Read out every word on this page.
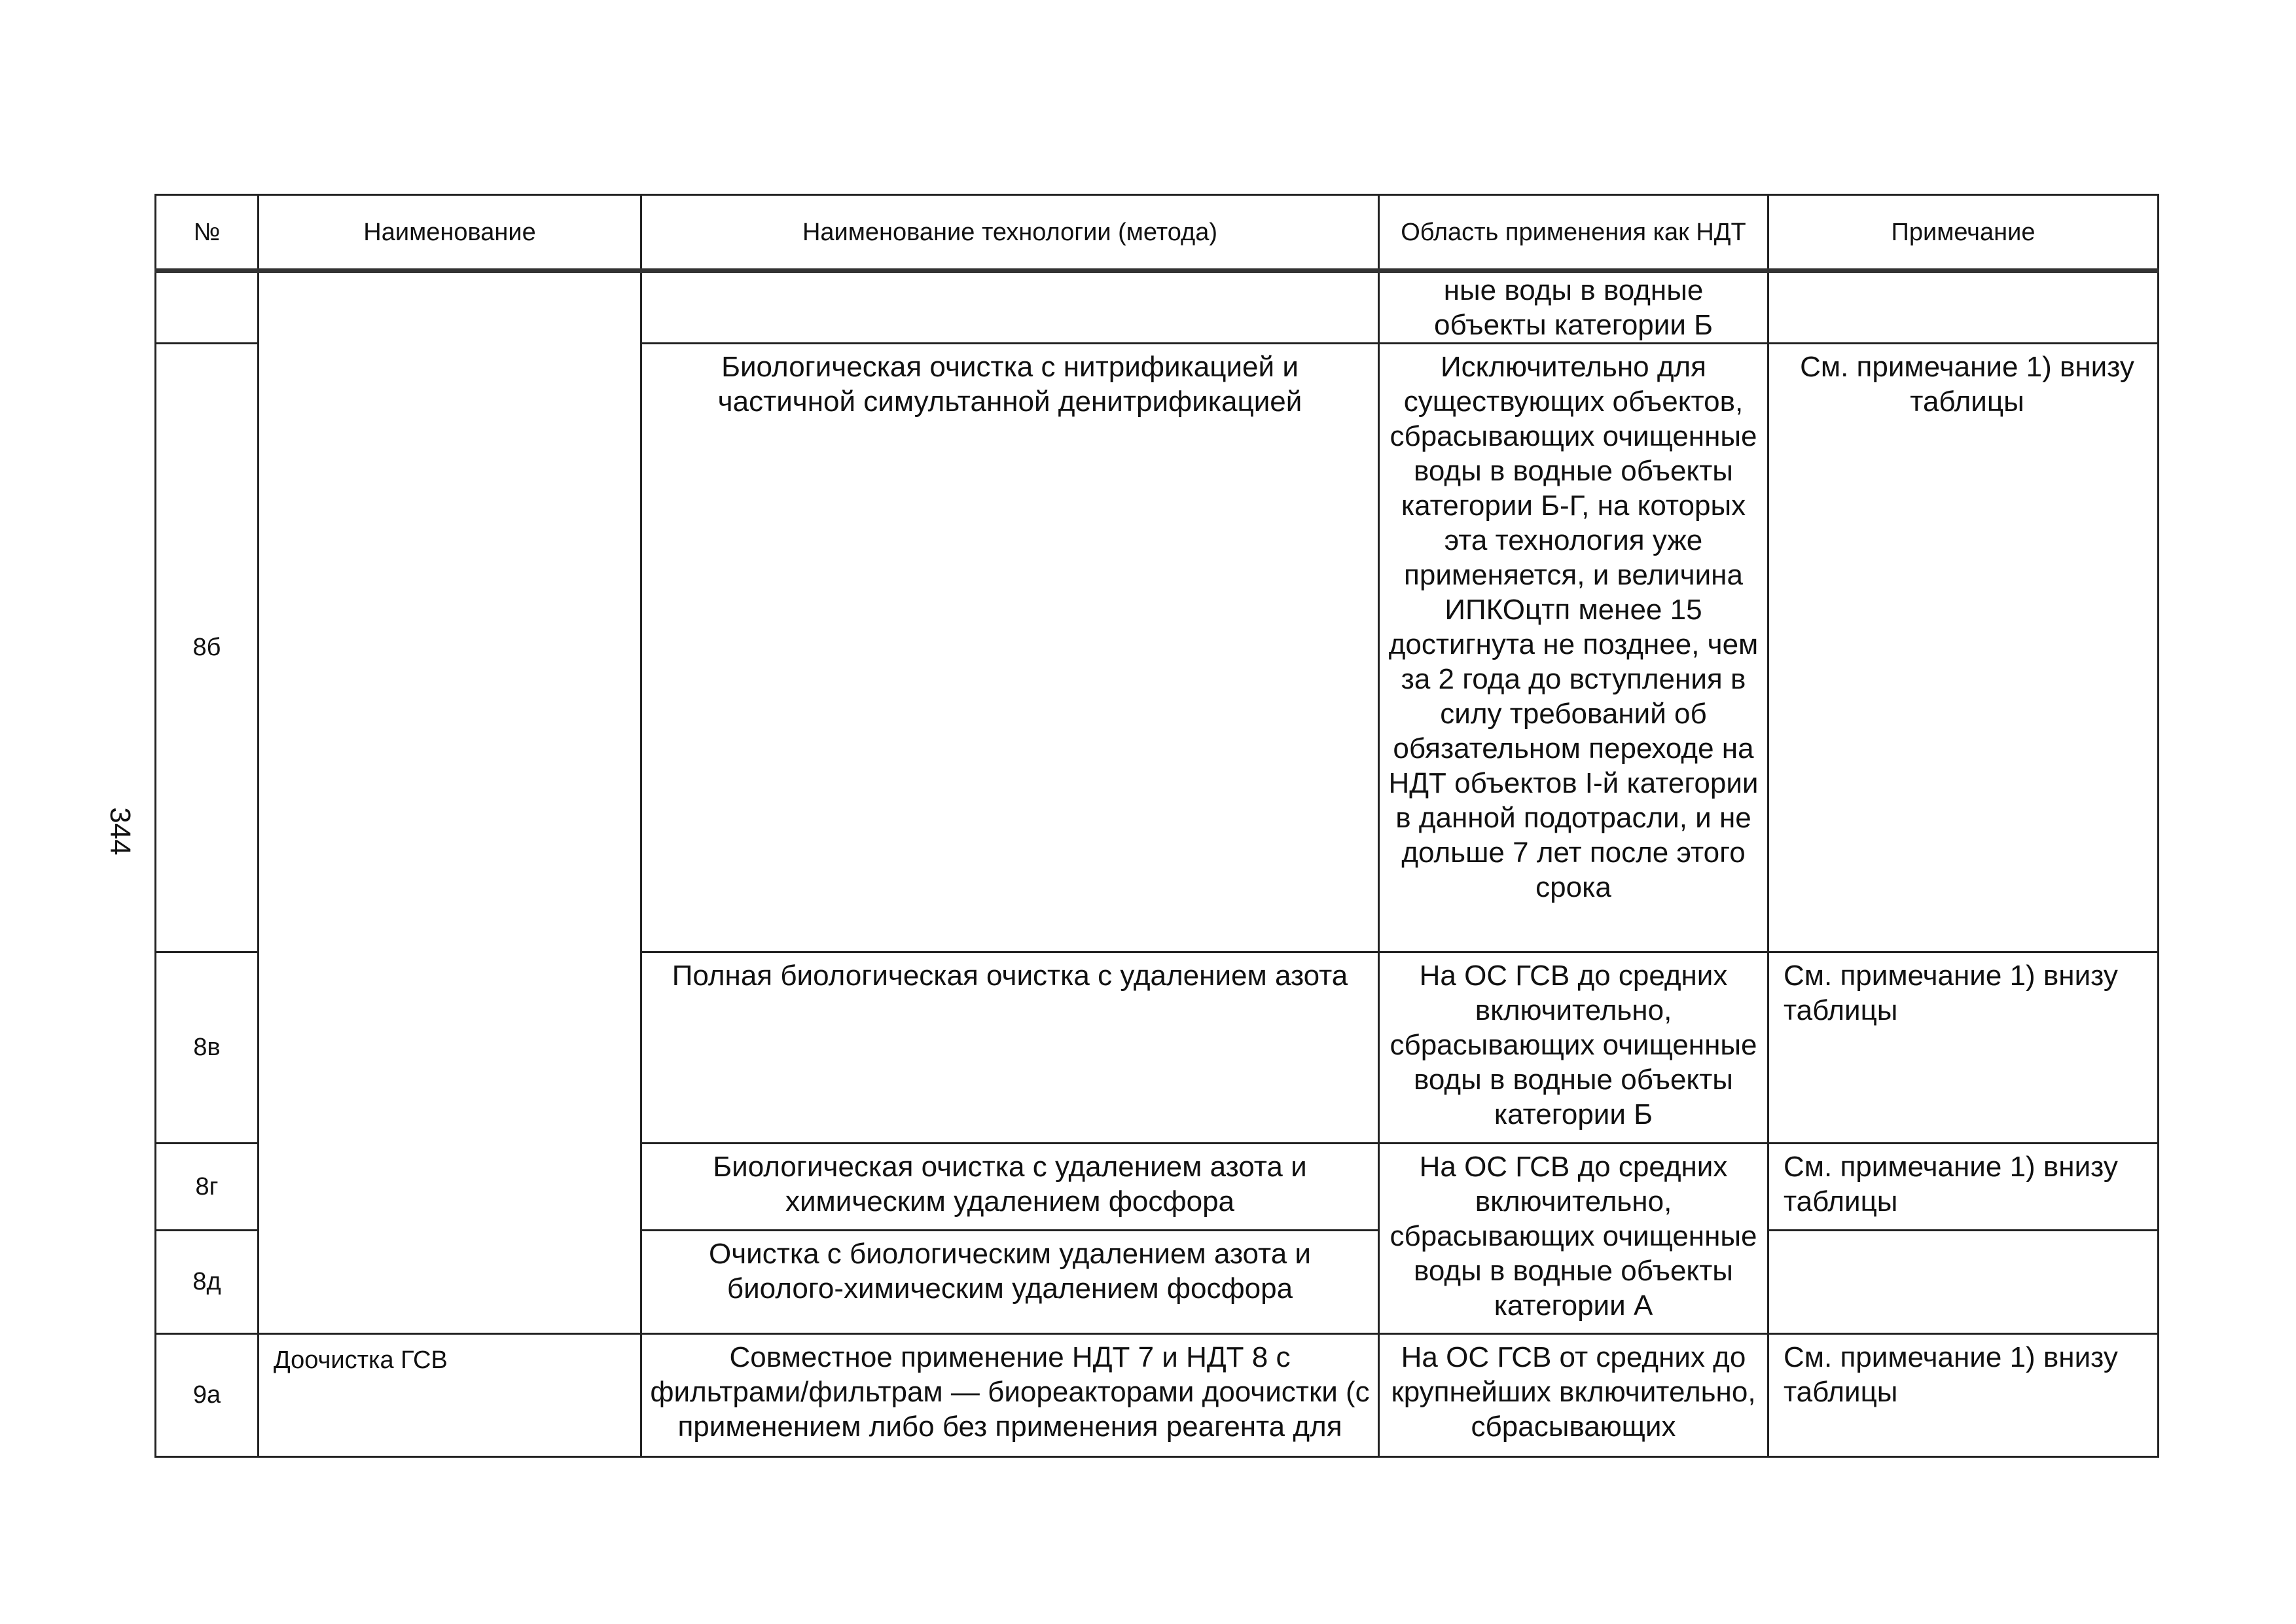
344
№	Наименование	Наименование технологии (метода)	Область применения как НДТ	Примечание
			ные воды в водные объекты категории Б	
8б		Биологическая очистка с нитрификацией и частичной симультанной денитрификацией	Исключительно для существующих объектов, сбрасывающих очищенные воды в водные объекты категории Б-Г, на которых эта технология уже применяется, и величина ИПКОцтп менее 15 достигнута не позднее, чем за 2 года до вступления в силу требований об обязательном переходе на НДТ объектов I-й категории в данной подотрасли, и не дольше 7 лет после этого срока	См. примечание 1) внизу таблицы
8в		Полная биологическая очистка с удалением азота	На ОС ГСВ до средних включительно, сбрасывающих очищенные воды в водные объекты категории Б	См. примечание 1) внизу таблицы
8г		Биологическая очистка с удалением азота и химическим удалением фосфора	На ОС ГСВ до средних включительно, сбрасывающих очищенные воды в водные объекты категории А	См. примечание 1) внизу таблицы
8д		Очистка с биологическим удалением азота и биолого-химическим удалением фосфора		
9а	Доочистка ГСВ	Совместное применение НДТ 7 и НДТ 8 с фильтрами/фильтрам — биореакторами доочистки (с применением либо без применения реагента для	На ОС ГСВ от средних до крупнейших включительно, сбрасывающих	См. примечание 1) внизу таблицы
